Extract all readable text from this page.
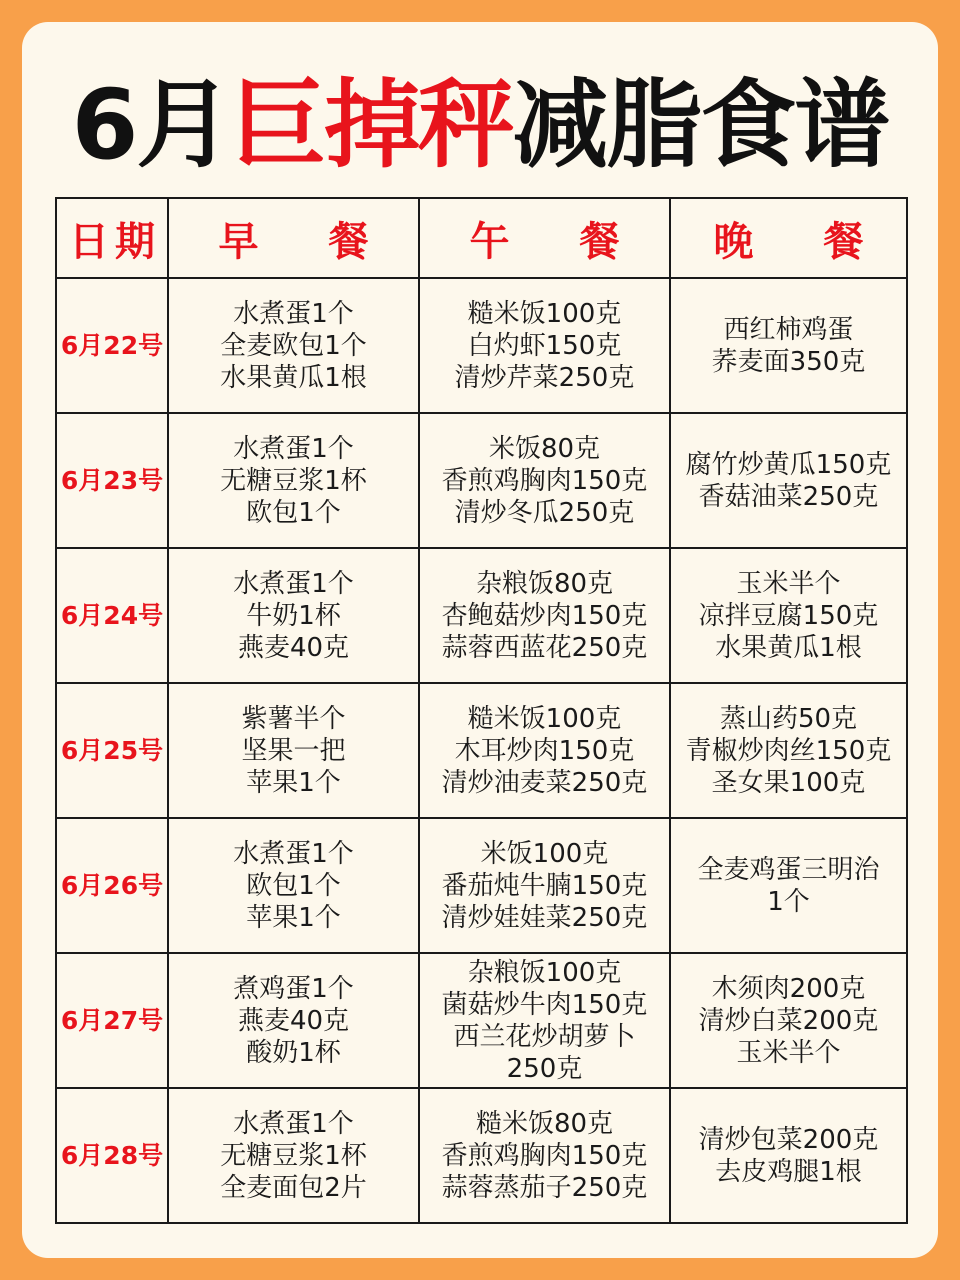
6月巨掉秤减脂食谱
日期	早 餐	午 餐	晚 餐
6月22号	水煮蛋1个
全麦欧包1个
水果黄瓜1根	糙米饭100克
白灼虾150克
清炒芹菜250克	西红柿鸡蛋
荞麦面350克

6月23号	水煮蛋1个
无糖豆浆1杯
欧包1个	米饭80克
香煎鸡胸肉150克
清炒冬瓜250克	腐竹炒黄瓜150克
香菇油菜250克

6月24号	水煮蛋1个
牛奶1杯
燕麦40克	杂粮饭80克
杏鲍菇炒肉150克
蒜蓉西蓝花250克	玉米半个
凉拌豆腐150克
水果黄瓜1根

6月25号	紫薯半个
坚果一把
苹果1个	糙米饭100克
木耳炒肉150克
清炒油麦菜250克	蒸山药50克
青椒炒肉丝150克
圣女果100克

6月26号	水煮蛋1个
欧包1个
苹果1个	米饭100克
番茄炖牛腩150克
清炒娃娃菜250克	全麦鸡蛋三明治
1个

6月27号	煮鸡蛋1个
燕麦40克
酸奶1杯	杂粮饭100克
菌菇炒牛肉150克
西兰花炒胡萝卜
250克	木须肉200克
清炒白菜200克
玉米半个

6月28号	水煮蛋1个
无糖豆浆1杯
全麦面包2片	糙米饭80克
香煎鸡胸肉150克
蒜蓉蒸茄子250克	清炒包菜200克
去皮鸡腿1根
